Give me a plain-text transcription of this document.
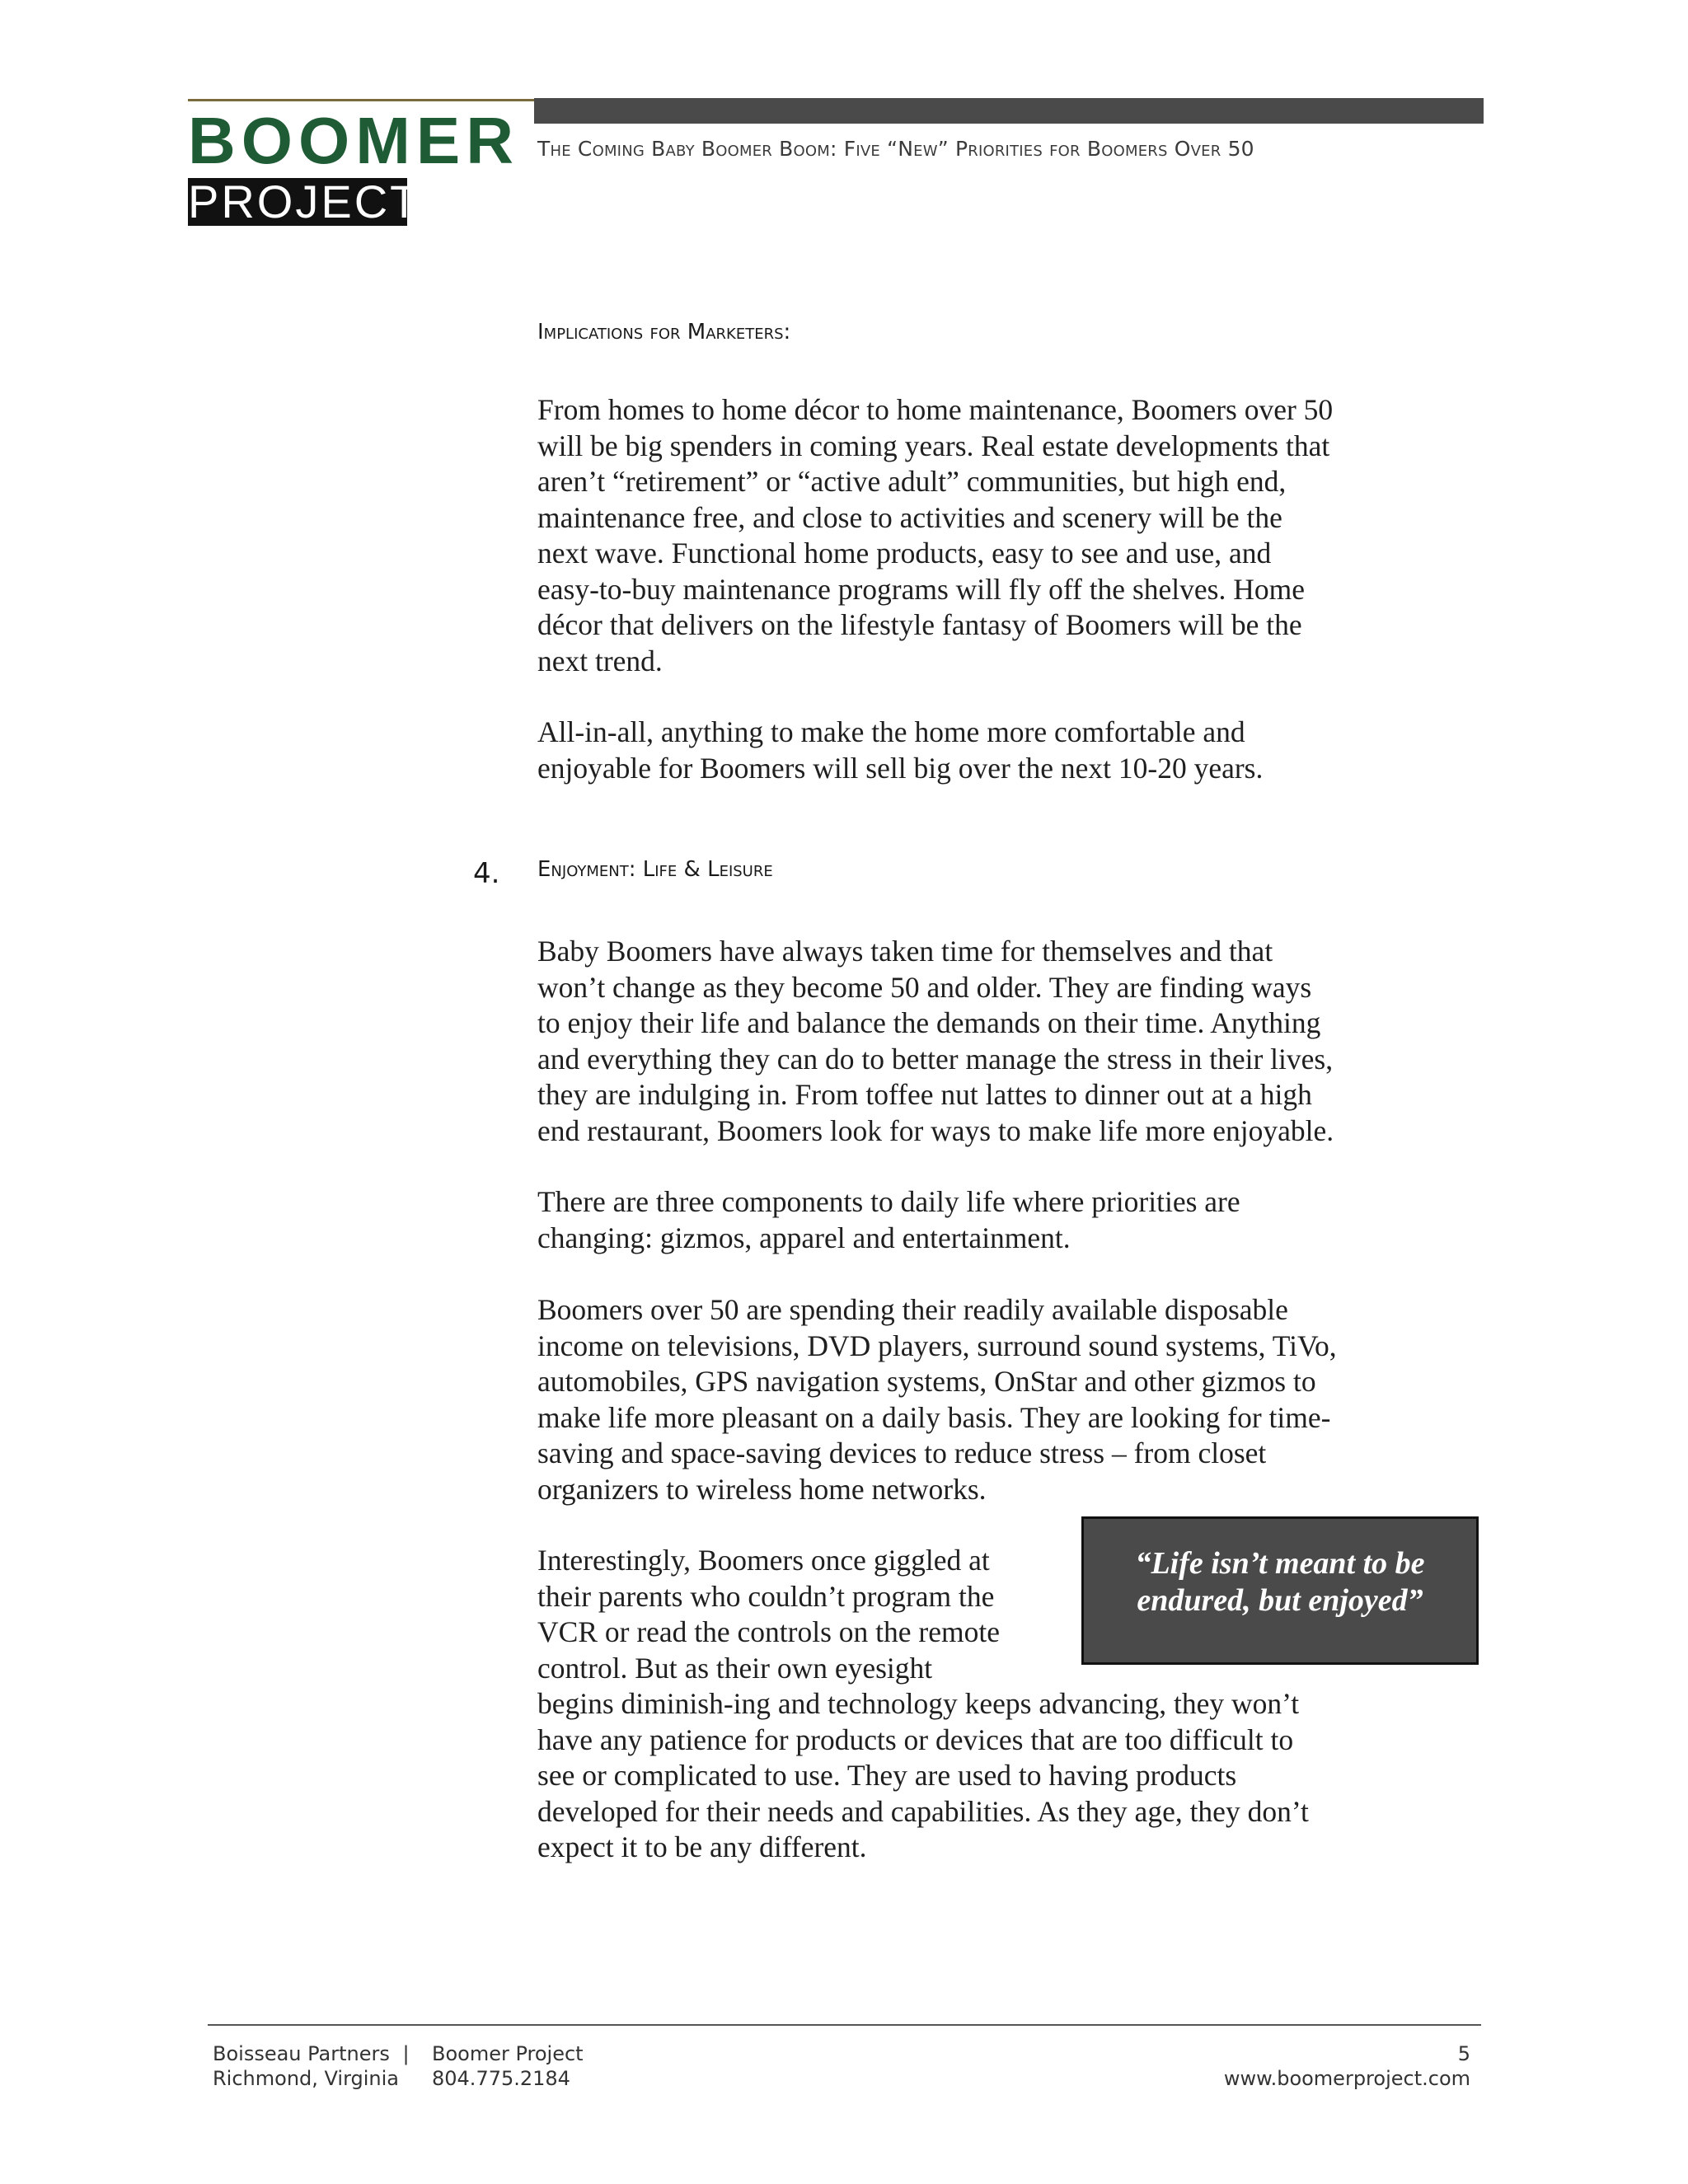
BOOMER
PROJECT
The Coming Baby Boomer Boom: Five “New” Priorities for Boomers Over 50
Implications for Marketers:

From homes to home décor to home maintenance, Boomers over 50
will be big spenders in coming years. Real estate developments that
aren’t “retirement” or “active adult” communities, but high end,
maintenance free, and close to activities and scenery will be the
next wave. Functional home products, easy to see and use, and
easy-to-buy maintenance programs will fly off the shelves. Home
décor that delivers on the lifestyle fantasy of Boomers will be the
next trend.

All-in-all, anything to make the home more comfortable and
enjoyable for Boomers will sell big over the next 10-20 years.

4. Enjoyment: Life & Leisure

Baby Boomers have always taken time for themselves and that
won’t change as they become 50 and older. They are finding ways
to enjoy their life and balance the demands on their time. Anything
and everything they can do to better manage the stress in their lives,
they are indulging in. From toffee nut lattes to dinner out at a high
end restaurant, Boomers look for ways to make life more enjoyable.

There are three components to daily life where priorities are
changing: gizmos, apparel and entertainment.

Boomers over 50 are spending their readily available disposable
income on televisions, DVD players, surround sound systems, TiVo,
automobiles, GPS navigation systems, OnStar and other gizmos to
make life more pleasant on a daily basis. They are looking for time-
saving and space-saving devices to reduce stress – from closet
organizers to wireless home networks.

Interestingly, Boomers once giggled at
their parents who couldn’t program the
VCR or read the controls on the remote
control. But as their own eyesight
begins diminish-ing and technology keeps advancing, they won’t
have any patience for products or devices that are too difficult to
see or complicated to use. They are used to having products
developed for their needs and capabilities. As they age, they don’t
expect it to be any different.

“Life isn’t meant to be
endured, but enjoyed”
Boisseau Partners |
Richmond, Virginia
Boomer Project
804.775.2184
5
www.boomerproject.com
